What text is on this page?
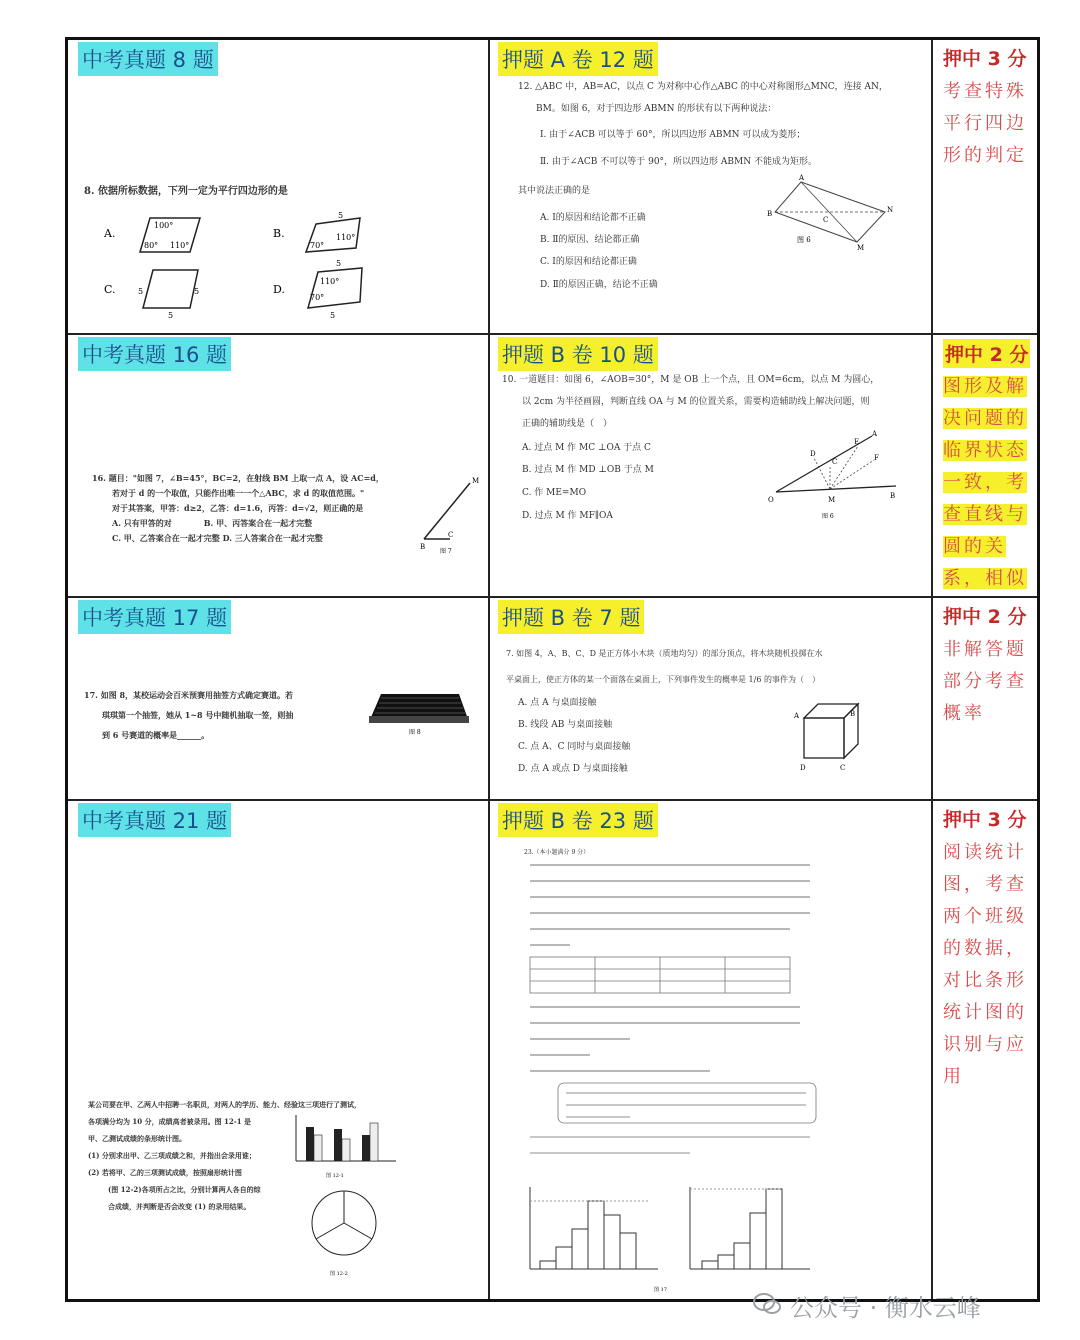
中考真题 8 题
8. 依据所标数据，下列一定为平行四边形的是
A.
100°
80° 110°
B.
70°
110°
5
C.	5	5
5
D.
110°
70°
5
5
押题 A 卷 12 题
12. △ABC 中，AB=AC，以点 C 为对称中心作△ABC 的中心对称图形△MNC，连接 AN，
BM。如图 6，对于四边形 ABMN 的形状有以下两种说法：
Ⅰ. 由于∠ACB 可以等于 60°，所以四边形 ABMN 可以成为菱形；
Ⅱ. 由于∠ACB 不可以等于 90°，所以四边形 ABMN 不能成为矩形。
其中说法正确的是
A. Ⅰ的原因和结论都不正确
B. Ⅱ的原因、结论都正确
C. Ⅰ的原因和结论都正确
D. Ⅱ的原因正确，结论不正确
A
B
C
N
M
图 6
押中 3 分
考查特殊平行四边形的判定
中考真题 16 题
16. 题目："如图 7，∠B=45°，BC=2，在射线 BM 上取一点 A，设 AC=d，
若对于 d 的一个取值，只能作出唯一一个△ABC，求 d 的取值范围。"
对于其答案，甲答：d≥2，乙答：d=1.6，丙答：d=√2，则正确的是
A. 只有甲答的对　　　　B. 甲、丙答案合在一起才完整
C. 甲、乙答案合在一起才完整 D. 三人答案合在一起才完整
M
B
C
图 7
押题 B 卷 10 题
10. 一道题目：如图 6，∠AOB=30°，M 是 OB 上一个点，且 OM=6cm，以点 M 为圆心，
以 2cm 为半径画圆，判断直线 OA 与 M 的位置关系，需要构造辅助线上解决问题，则
正确的辅助线是（　）
A. 过点 M 作 MC ⊥OA 于点 C
B. 过点 M 作 MD ⊥OB 于点 M
C. 作 ME=MO
D. 过点 M 作 MF∥OA
O	M	B
A
E
D
C	F
图 6
押中 2 分
图形及解决问题的临界状态一致，考查直线与圆的关系，相似
中考真题 17 题
17. 如图 8，某校运动会百米预赛用抽签方式确定赛道。若
琪琪第一个抽签，她从 1~8 号中随机抽取一签，则抽
到 6 号赛道的概率是______。	图 8
押题 B 卷 7 题
7. 如图 4，A、B、C、D 是正方体小木块（质地均匀）的部分顶点，将木块随机投掷在水
平桌面上，使正方体的某一个面落在桌面上，下列事件发生的概率是 1/6 的事件为（　）
A. 点 A 与桌面接触
B. 线段 AB 与桌面接触
C. 点 A、C 同时与桌面接触
D. 点 A 或点 D 与桌面接触
A	B
D	C
押中 2 分
非解答题部分考查概率
中考真题 21 题
某公司要在甲、乙两人中招聘一名职员，对两人的学历、能力、经验这三项进行了测试，
各项满分均为 10 分，成绩高者被录用。图 12-1 是
甲、乙测试成绩的条形统计图。
(1) 分别求出甲、乙三项成绩之和，并指出会录用谁；
(2) 若将甲、乙的三项测试成绩，按照扇形统计图
(图 12-2)各项所占之比，分别计算两人各自的综
合成绩，并判断是否会改变 (1) 的录用结果。
图 12-1
图 12-2
押题 B 卷 23 题
23.（本小题满分 9 分）
图 17
押中 3 分
阅读统计图，考查两个班级的数据，对比条形统计图的识别与应用
公众号 · 衡水云峰
